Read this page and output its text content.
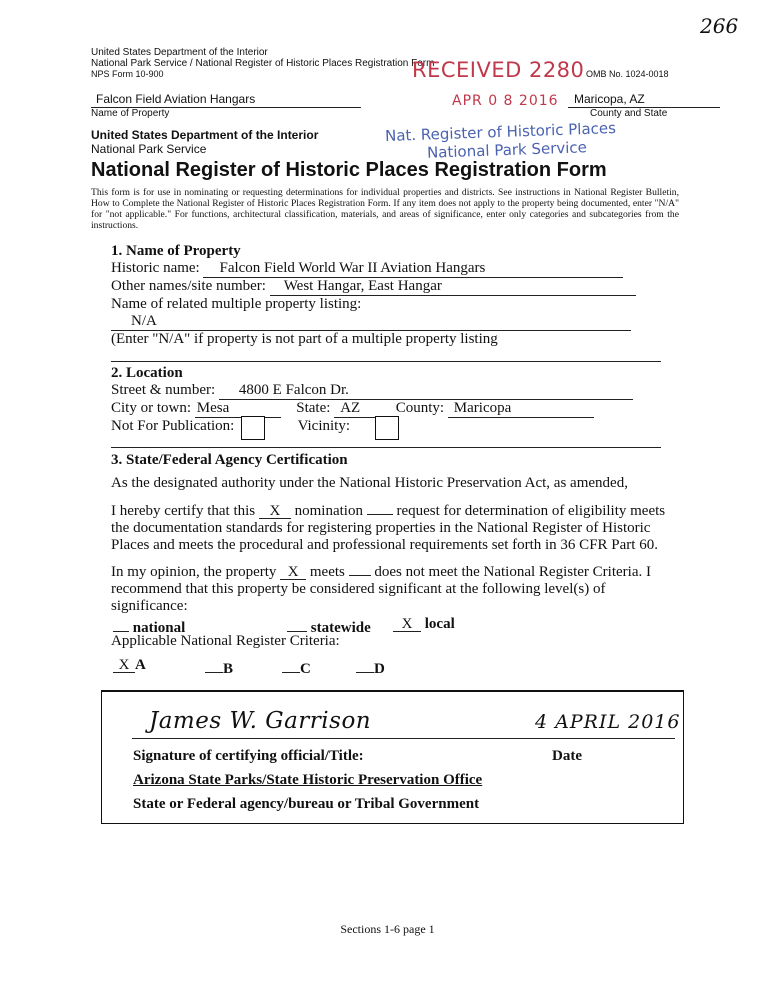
266
United States Department of the Interior
National Park Service / National Register of Historic Places Registration Form
NPS Form 10-900	RECEIVED 2280 OMB No. 1024-0018
Falcon Field Aviation Hangars
Name of Property
APR 0 8 2016 Maricopa, AZ
County and State
United States Department of the Interior
National Park Service
Nat. Register of Historic Places
National Park Service
National Register of Historic Places Registration Form
This form is for use in nominating or requesting determinations for individual properties and districts. See instructions in National Register Bulletin, How to Complete the National Register of Historic Places Registration Form. If any item does not apply to the property being documented, enter "N/A" for "not applicable." For functions, architectural classification, materials, and areas of significance, enter only categories and subcategories from the instructions.
1. Name of Property
Historic name: Falcon Field World War II Aviation Hangars
Other names/site number: West Hangar, East Hangar
Name of related multiple property listing:
N/A
(Enter "N/A" if property is not part of a multiple property listing
2. Location
Street & number: 4800 E Falcon Dr.
City or town: Mesa	State: AZ County: Maricopa
Not For Publication:	Vicinity:
3. State/Federal Agency Certification
As the designated authority under the National Historic Preservation Act, as amended,
I hereby certify that this X nomination request for determination of eligibility meets the documentation standards for registering properties in the National Register of Historic Places and meets the procedural and professional requirements set forth in 36 CFR Part 60.
In my opinion, the property X meets does not meet the National Register Criteria. I
recommend that this property be considered significant at the following level(s) of
significance:
national	statewide	X local
Applicable National Register Criteria:
X A	B	C	D
James W. Garrison	4 APRIL 2016
Signature of certifying official/Title:	Date
Arizona State Parks/State Historic Preservation Office
State or Federal agency/bureau or Tribal Government
Sections 1-6 page 1
